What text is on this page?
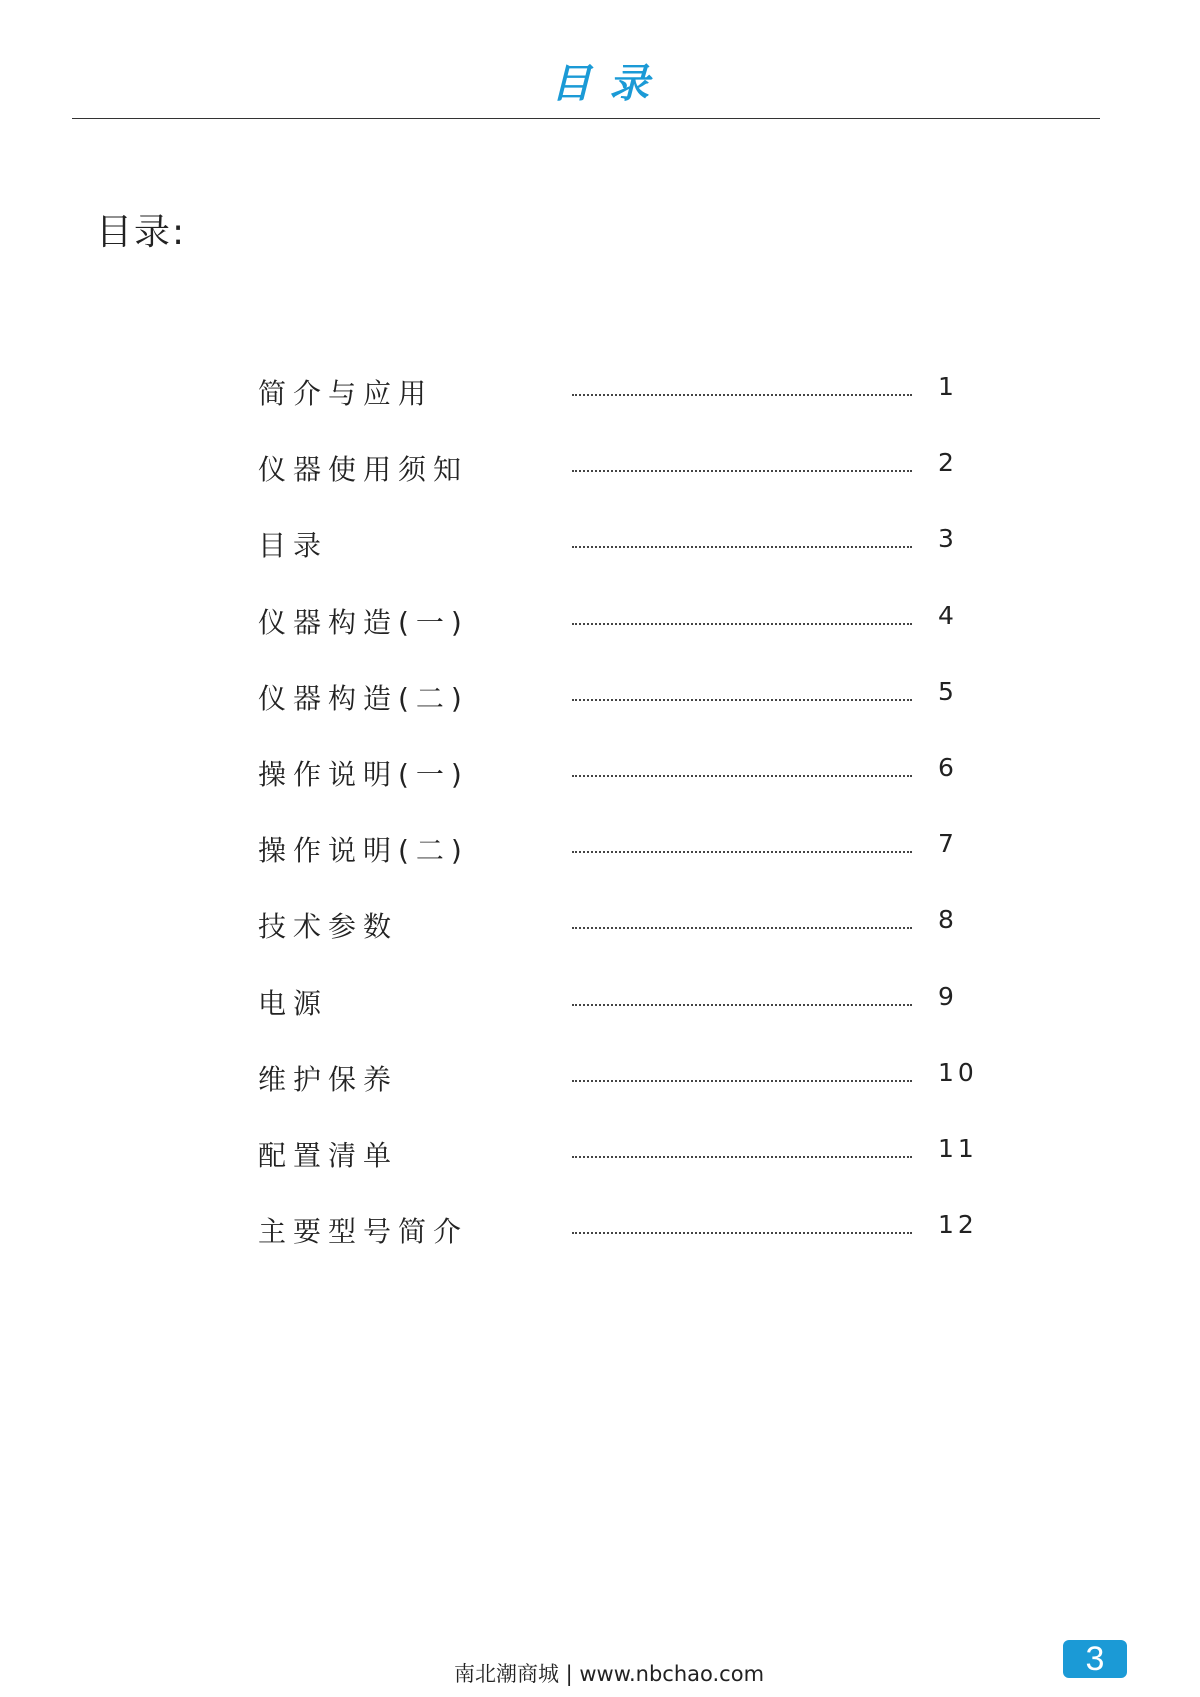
目录
目录:
简介与应用	1
仪器使用须知	2
目录	3
仪器构造(一)	4
仪器构造(二)	5
操作说明(一)	6
操作说明(二)	7
技术参数	8
电源	9
维护保养	10
配置清单	11
主要型号简介	12
南北潮商城 | www.nbchao.com	3
